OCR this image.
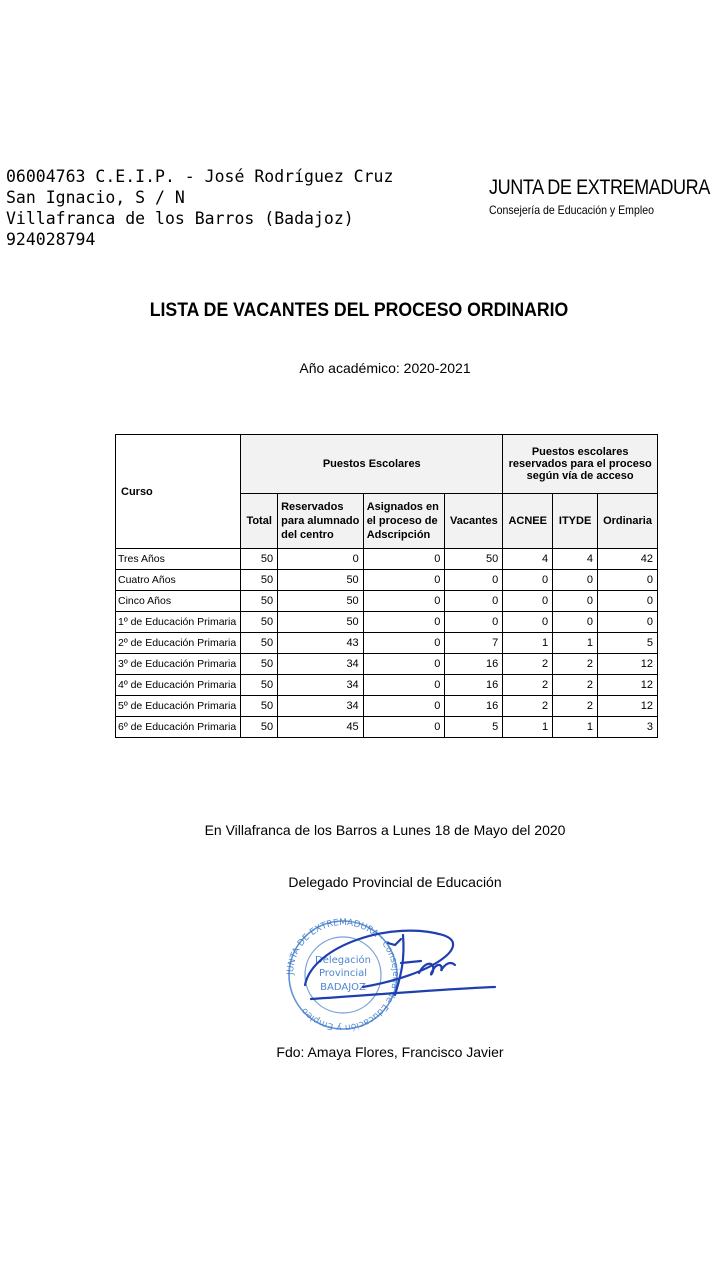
06004763 C.E.I.P. - José Rodríguez Cruz
San Ignacio, S / N
Villafranca de los Barros (Badajoz)
924028794
JUNTA DE EXTREMADURA
Consejería de Educación y Empleo
LISTA DE VACANTES DEL PROCESO ORDINARIO
Año académico: 2020-2021
Curso	Puestos Escolares				Puestos escolares reservados para el proceso según vía de acceso		
	Total	Reservados para alumnado del centro	Asignados en el proceso de Adscripción	Vacantes	ACNEE	ITYDE	Ordinaria
Tres Años	50	0	0	50	4	4	42
Cuatro Años	50	50	0	0	0	0	0
Cinco Años	50	50	0	0	0	0	0
1º de Educación Primaria	50	50	0	0	0	0	0
2º de Educación Primaria	50	43	0	7	1	1	5
3º de Educación Primaria	50	34	0	16	2	2	12
4º de Educación Primaria	50	34	0	16	2	2	12
5º de Educación Primaria	50	34	0	16	2	2	12
6º de Educación Primaria	50	45	0	5	1	1	3
En Villafranca de los Barros a Lunes 18 de Mayo del 2020
Delegado Provincial de Educación
JUNTA DE EXTREMADURA · Consejería de Educación y Empleo
Delegación
Provincial
BADAJOZ
Fdo: Amaya Flores, Francisco Javier
